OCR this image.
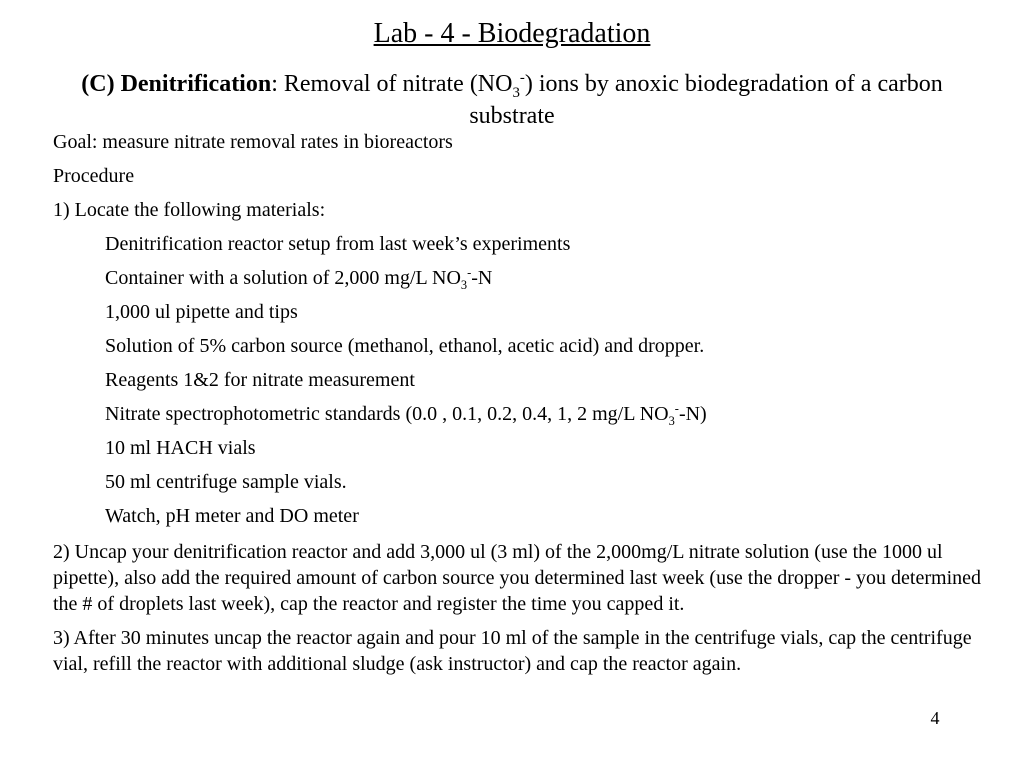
Lab - 4 - Biodegradation
(C) Denitrification: Removal of nitrate $(NO_3^-)$ ions by anoxic biodegradation of a carbon substrate
Goal: measure nitrate removal rates in bioreactors
Procedure
1) Locate the following materials:
Denitrification reactor setup from last week’s experiments
Container with a solution of 2,000 mg/L $NO_3^--N$
1,000 ul pipette and tips
Solution of 5% carbon source (methanol, ethanol, acetic acid) and dropper.
Reagents 1&2 for nitrate measurement
Nitrate spectrophotometric standards (0.0 , 0.1, 0.2, 0.4, 1, 2 mg/L $NO_3^--N$)
10 ml HACH vials
50 ml centrifuge sample vials.
Watch, pH meter and DO meter
2) Uncap your denitrification reactor and add 3,000 ul (3 ml) of the 2,000mg/L nitrate solution (use the 1000 ul pipette), also add the required amount of carbon source you determined last week (use the dropper - you determined the # of droplets last week), cap the reactor and register the time you capped it.
3) After 30 minutes uncap the reactor again and pour 10 ml of the sample in the centrifuge vials, cap the centrifuge vial, refill the reactor with additional sludge (ask instructor) and cap the reactor again.
4
